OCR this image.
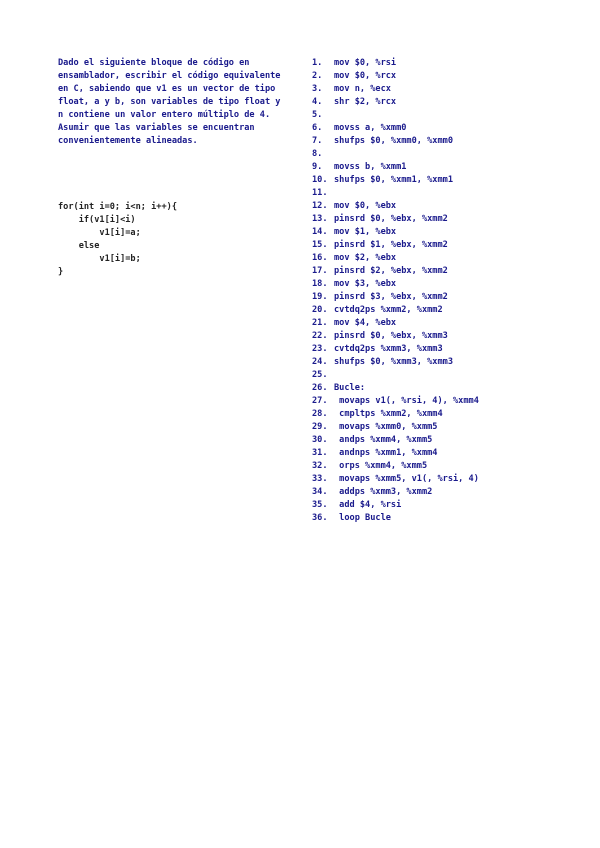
Dado el siguiente bloque de código en ensamblador, escribir el código equivalente en C, sabiendo que v1 es un vector de tipo float, a y b, son variables de tipo float y n contiene un valor entero múltiplo de 4. Asumir que las variables se encuentran convenientemente alineadas.

for(int i=0; i<n; i++){
if(v1[i]<i)
v1[i]=a;
else
v1[i]=b;
}
1. mov $0, %rsi
2. mov $0, %rcx
3. mov n, %ecx
4. shr $2, %rcx
5.
6. movss a, %xmm0
7. shufps $0, %xmm0, %xmm0
8.
9. movss b, %xmm1
10. shufps $0, %xmm1, %xmm1
11.
12. mov $0, %ebx
13. pinsrd $0, %ebx, %xmm2
14. mov $1, %ebx
15. pinsrd $1, %ebx, %xmm2
16. mov $2, %ebx
17. pinsrd $2, %ebx, %xmm2
18. mov $3, %ebx
19. pinsrd $3, %ebx, %xmm2
20. cvtdq2ps %xmm2, %xmm2
21. mov $4, %ebx
22. pinsrd $0, %ebx, %xmm3
23. cvtdq2ps %xmm3, %xmm3
24. shufps $0, %xmm3, %xmm3
25.
26. Bucle:
27. movaps v1(, %rsi, 4), %xmm4
28. cmpltps %xmm2, %xmm4
29. movaps %xmm0, %xmm5
30. andps %xmm4, %xmm5
31. andnps %xmm1, %xmm4
32. orps %xmm4, %xmm5
33. movaps %xmm5, v1(, %rsi, 4)
34. addps %xmm3, %xmm2
35. add $4, %rsi
36. loop Bucle
